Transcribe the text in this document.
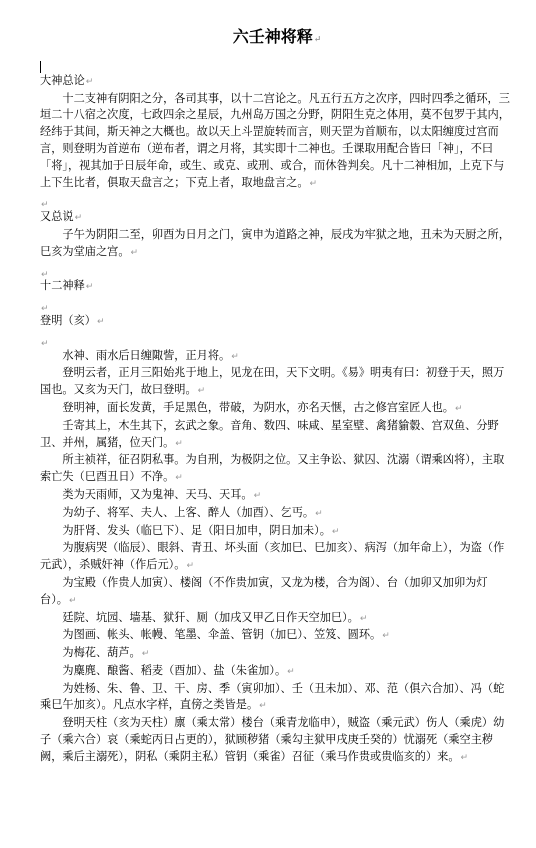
六壬神将释↵
大神总论↵
十二支神有阴阳之分，各司其事，以十二宫论之。凡五行五方之次序，四时四季之循环，三垣二十八宿之次度，七政四余之星辰，九州岛万国之分野，阴阳生克之体用，莫不包罗于其内，经纬于其间，斯天神之大概也。故以天上斗罡旋转而言，则天罡为首顺布，以太阳缠度过宫而言，则登明为首逆布（逆布者，谓之月将，其实即十二神也。壬课取用配合皆曰「神」，不曰「将」，视其加于日辰年命，或生、或克、或刑、或合，而休咎判矣。凡十二神相加，上克下与上下生比者，俱取天盘言之；下克上者，取地盘言之。↵
↵
又总说↵
子午为阴阳二至，卯酉为日月之门，寅申为道路之神，辰戌为牢狱之地，丑未为天厨之所，巳亥为堂庙之宫。↵
↵
十二神释↵
↵
登明（亥）↵
↵
水神、雨水后日缠陬訾，正月将。↵
登明云者，正月三阳始兆于地上，见龙在田，天下文明。《易》明夷有曰：初登于天，照万国也。又亥为天门，故曰登明。↵
登明神，面长发黄，手足黑色，带破，为阴水，亦名天惬，古之修宫室匠人也。↵
壬寄其上，木生其下，玄武之象。音角、数四、味咸、星室壁、禽猪貐豰、宫双鱼、分野卫、并州，属猪，位天门。↵
所主祯祥，征召阴私事。为自刑，为极阴之位。又主争讼、狱囚、沈溺（谓乘凶将），主取索亡失（巳酉丑日）不净。↵
类为天雨师，又为鬼神、天马、天耳。↵
为幼子、将军、夫人、上客、醉人（加酉）、乞丐。↵
为肝肾、发头（临巳下）、足（阳日加申，阴日加未）。↵
为腹病哭（临辰）、眼斜、青丑、坏头面（亥加巳、巳加亥）、病泻（加年命上），为盗（作元武），杀贼奸神（作后元）。↵
为宝殿（作贵人加寅）、楼阁（不作贵加寅，又龙为楼，合为阁）、台（加卯又加卯为灯台）。↵
廷院、坑园、墙基、狱犴、厕（加戌又甲乙日作天空加巳）。↵
为图画、帐头、帐幔、笔墨、伞盖、管钥（加巳）、笠笈、圆环。↵
为梅花、葫芦。↵
为麋麂、酿酱、稻麦（酉加）、盐（朱雀加）。↵
为姓杨、朱、鲁、卫、干、房、季（寅卯加）、壬（丑未加）、邓、范（俱六合加）、冯（蛇乘巳午加亥）。凡点水字样，直傍之类皆是。↵
登明天柱（亥为天柱）廪（乘太常）楼台（乘青龙临申），贼盗（乘元武）伤人（乘虎）幼子（乘六合）哀（乘蛇丙日占更的），狱顾秽猪（乘勾主狱甲戌庚壬癸的）忧溺死（乘空主秽阙，乘后主溺死），阴私（乘阴主私）管钥（乘雀）召征（乘马作贵或贵临亥的）来。↵
